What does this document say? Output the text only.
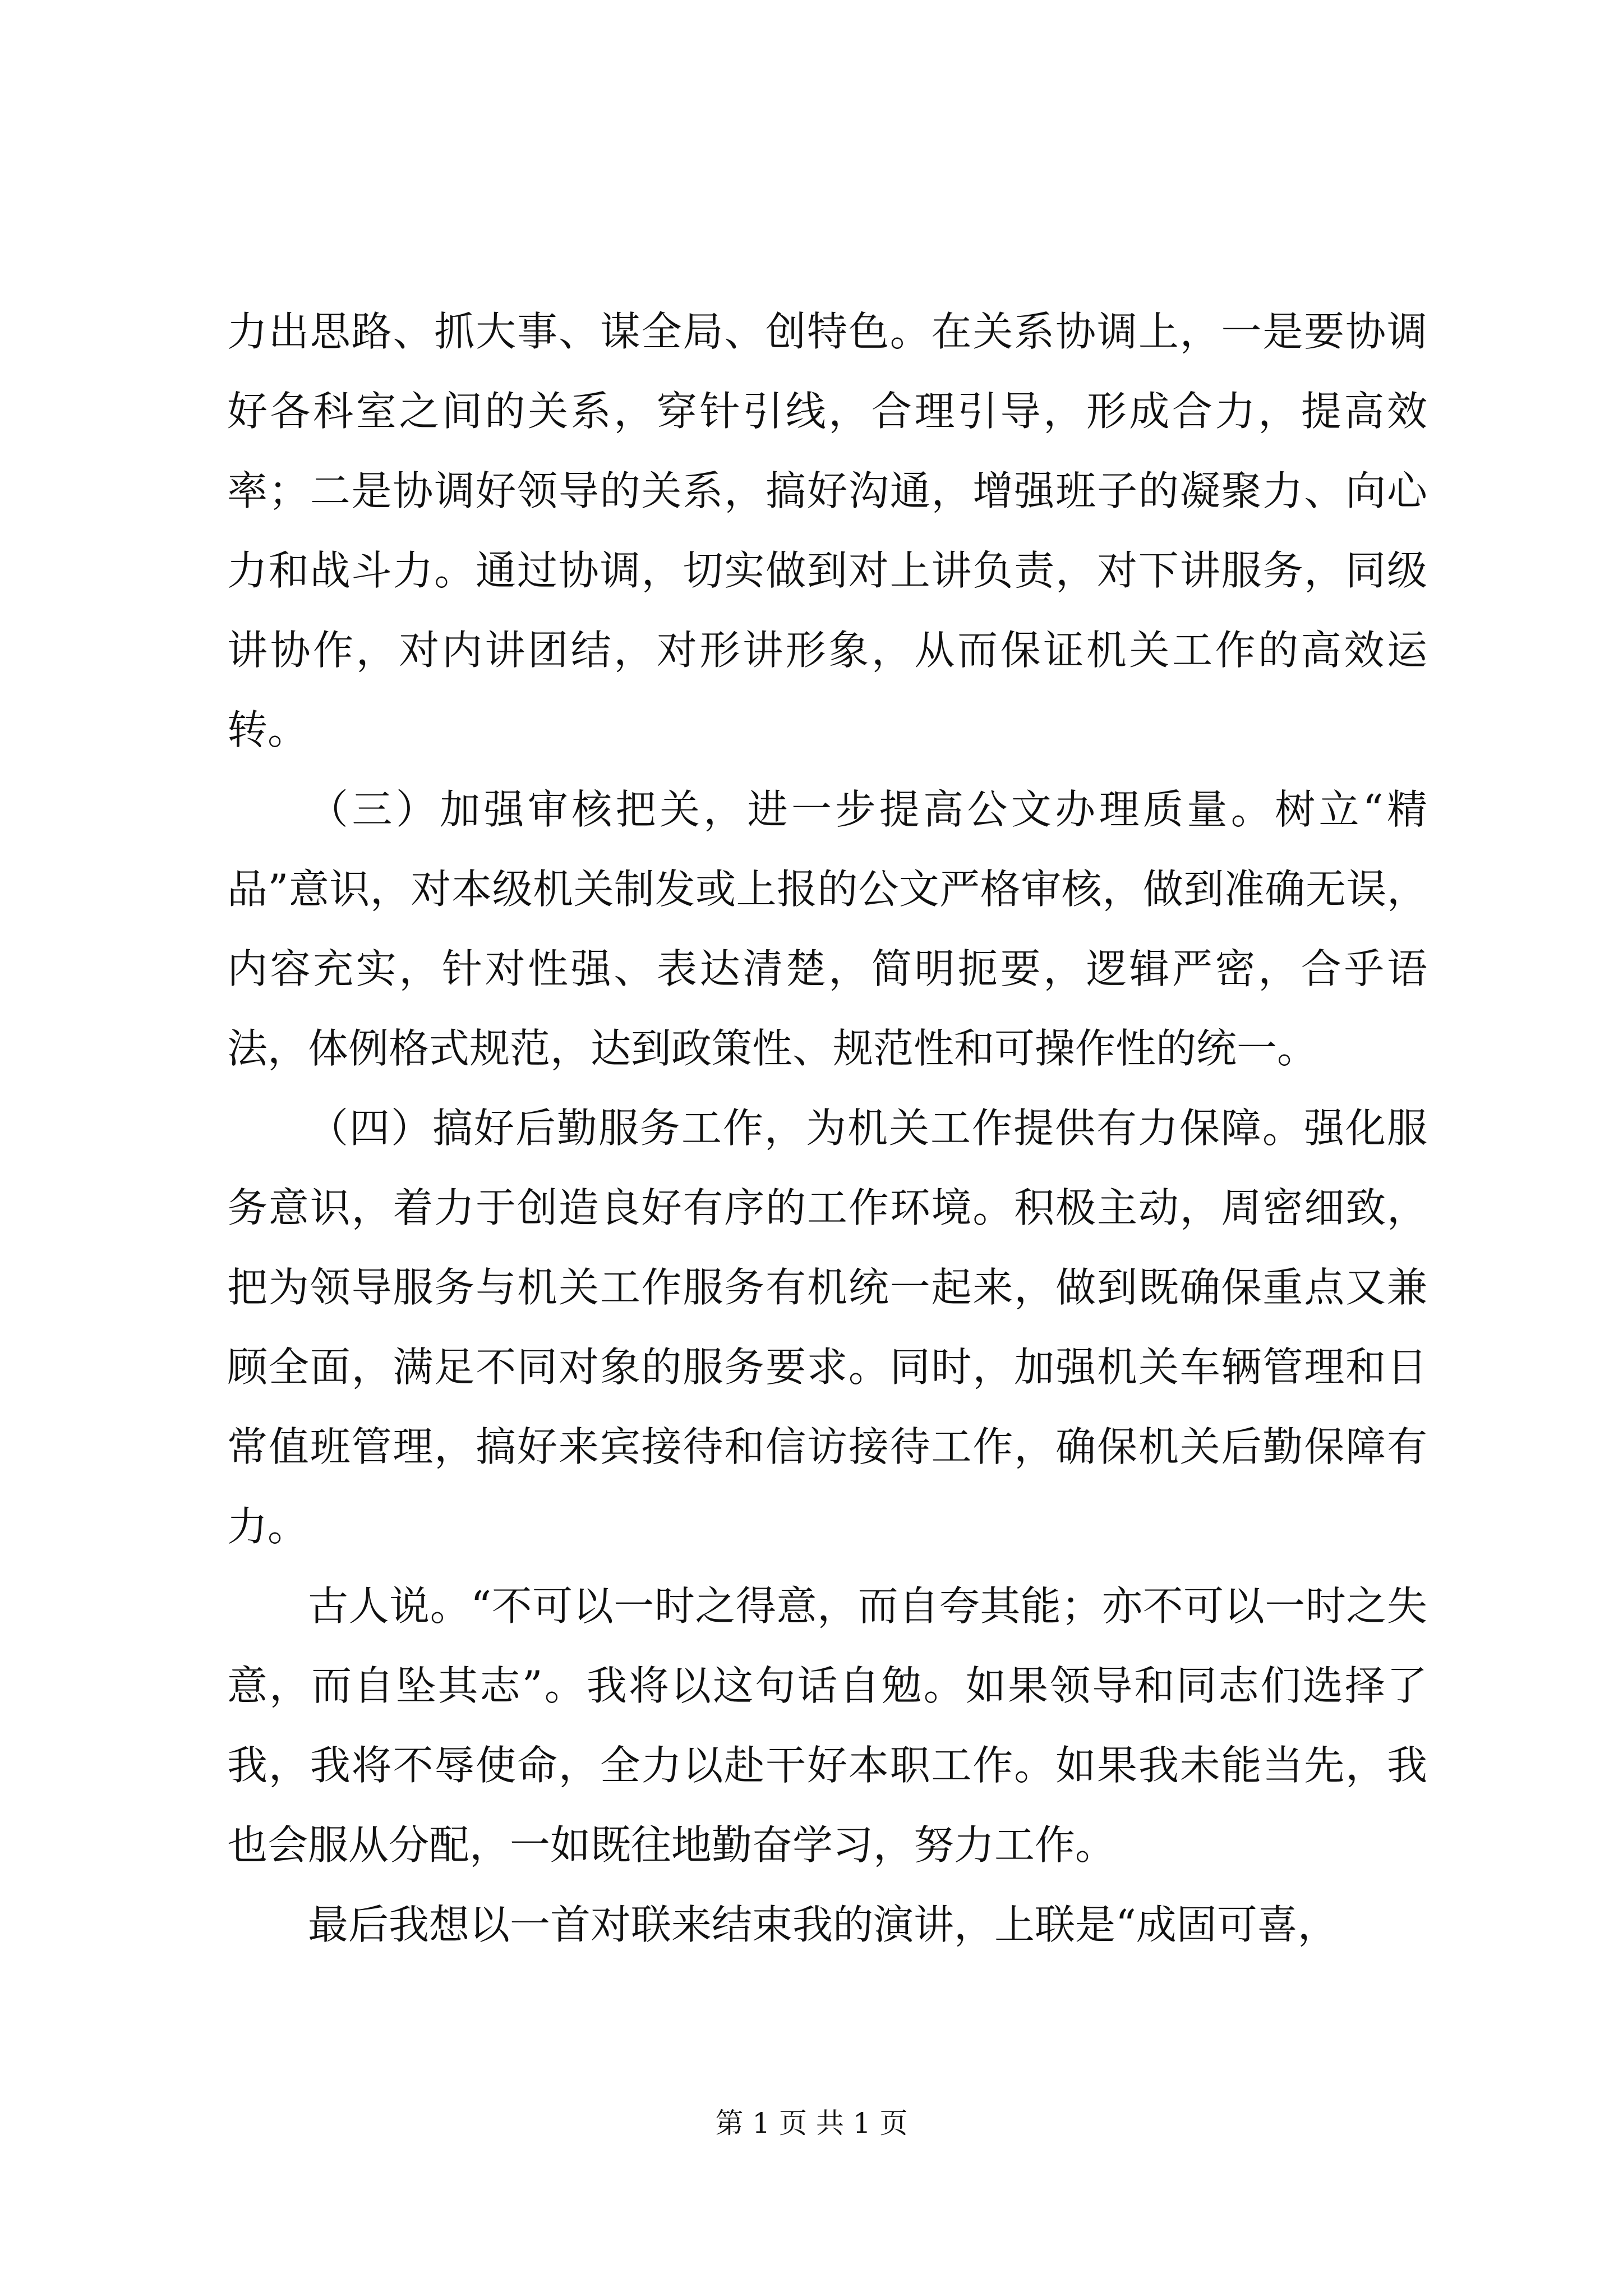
力出思路、抓大事、谋全局、创特色。在关系协调上，一是要协调好各科室之间的关系，穿针引线，合理引导，形成合力，提高效率；二是协调好领导的关系，搞好沟通，增强班子的凝聚力、向心力和战斗力。通过协调，切实做到对上讲负责，对下讲服务，同级讲协作，对内讲团结，对形讲形象，从而保证机关工作的高效运转。

（三）加强审核把关，进一步提高公文办理质量。树立“精品”意识，对本级机关制发或上报的公文严格审核，做到准确无误，内容充实，针对性强、表达清楚，简明扼要，逻辑严密，合乎语法，体例格式规范，达到政策性、规范性和可操作性的统一。

（四）搞好后勤服务工作，为机关工作提供有力保障。强化服务意识，着力于创造良好有序的工作环境。积极主动，周密细致，把为领导服务与机关工作服务有机统一起来，做到既确保重点又兼顾全面，满足不同对象的服务要求。同时，加强机关车辆管理和日常值班管理，搞好来宾接待和信访接待工作，确保机关后勤保障有力。

古人说。“不可以一时之得意，而自夸其能；亦不可以一时之失意，而自坠其志”。我将以这句话自勉。如果领导和同志们选择了我，我将不辱使命，全力以赴干好本职工作。如果我未能当先，我也会服从分配，一如既往地勤奋学习，努力工作。

最后我想以一首对联来结束我的演讲，上联是“成固可喜，

第 1 页 共 1 页
